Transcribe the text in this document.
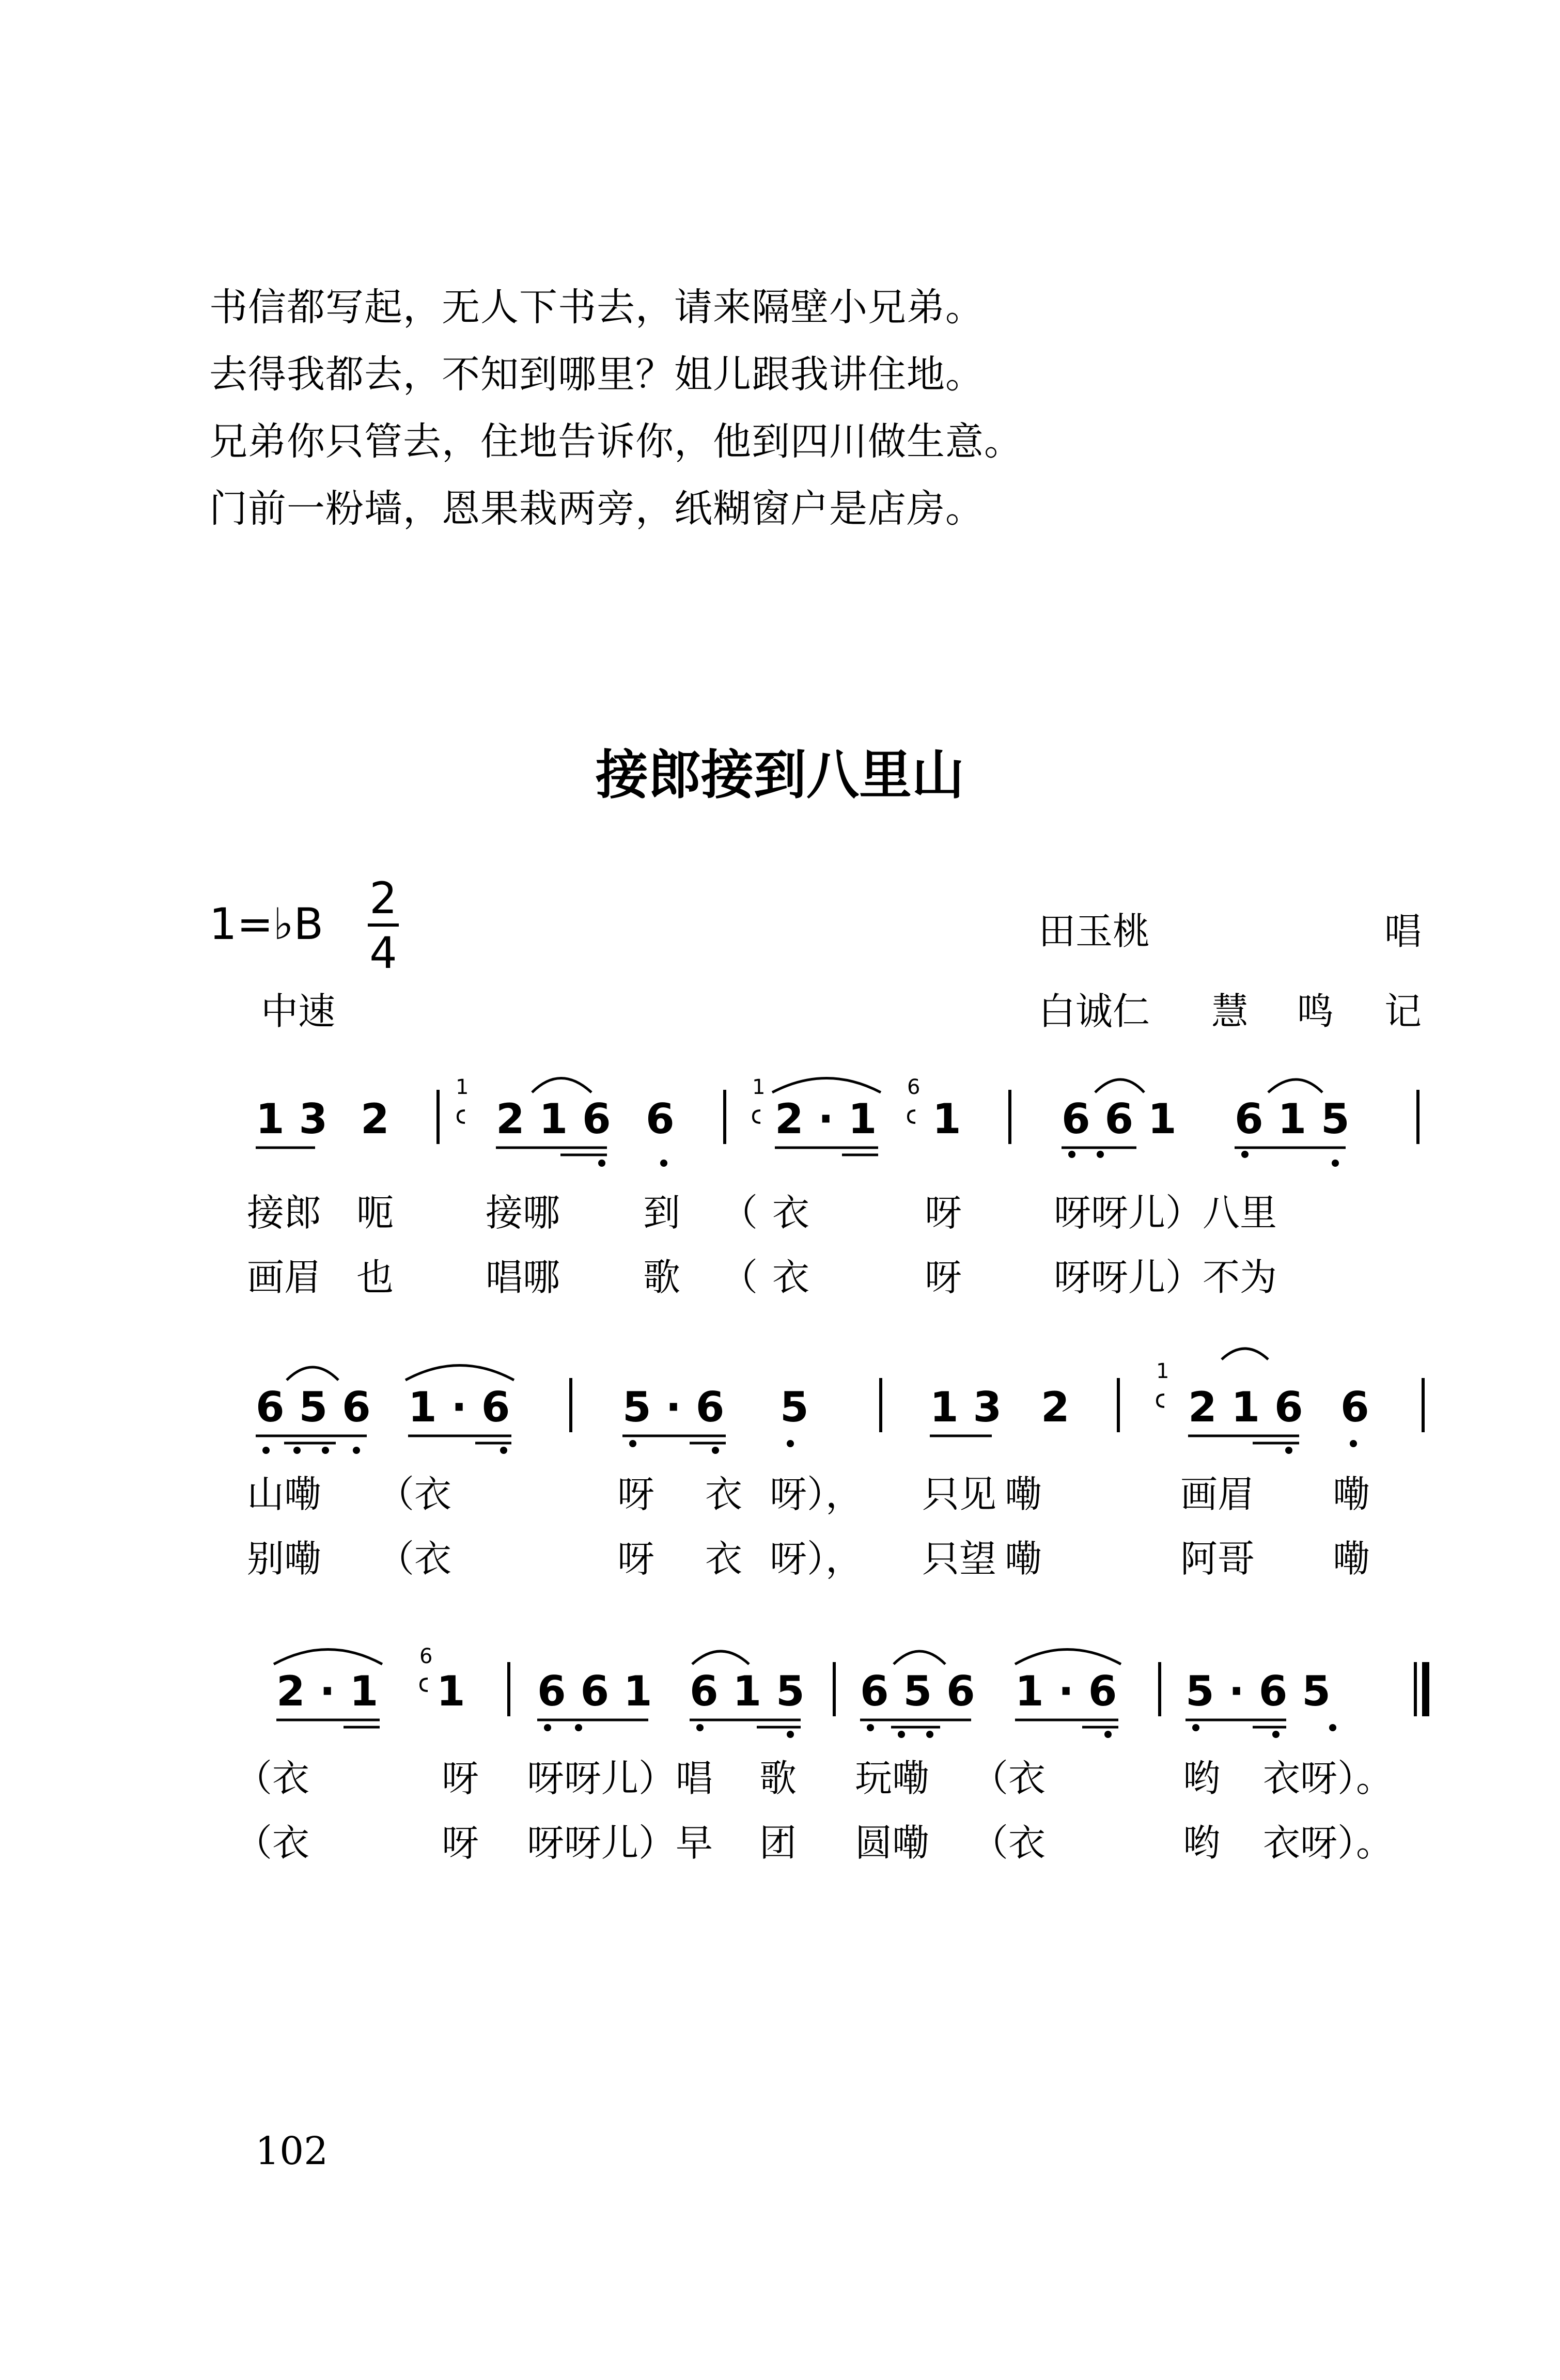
书信都写起，无人下书去，请来隔壁小兄弟。
去得我都去，不知到哪里？姐儿跟我讲住地。
兄弟你只管去，住地告诉你，他到四川做生意。
门前一粉墙，恩果栽两旁，纸糊窗户是店房。
接郎接到八里山
1=♭B
2
4
中速
田玉桃	唱
白诚仁 慧 鸣 记
1 3 2	2 1 6 6 2 · 1 1 6 6 1 6 1 5
1	1	6
接郎 呃 接哪 到 （ 衣	呀 呀呀儿）八里
画眉 也 唱哪 歌 （ 衣	呀 呀呀儿）不为
6 5 6 1 · 6	5 · 6 5	1 3 2	2 1 6 6
1
山嘞 （衣	呀 衣 呀）， 只见 嘞	画眉 嘞
别嘞 （衣	呀 衣 呀）， 只望 嘞	阿哥 嘞
2 · 1 1 6 6 1 6 1 5 6 5 6 1 · 6 5 · 6 5
6
（衣	呀 呀呀儿）唱 歌 玩嘞 （衣	哟 衣呀）。
（衣	呀 呀呀儿）早 团 圆嘞 （衣	哟 衣呀）。
102
